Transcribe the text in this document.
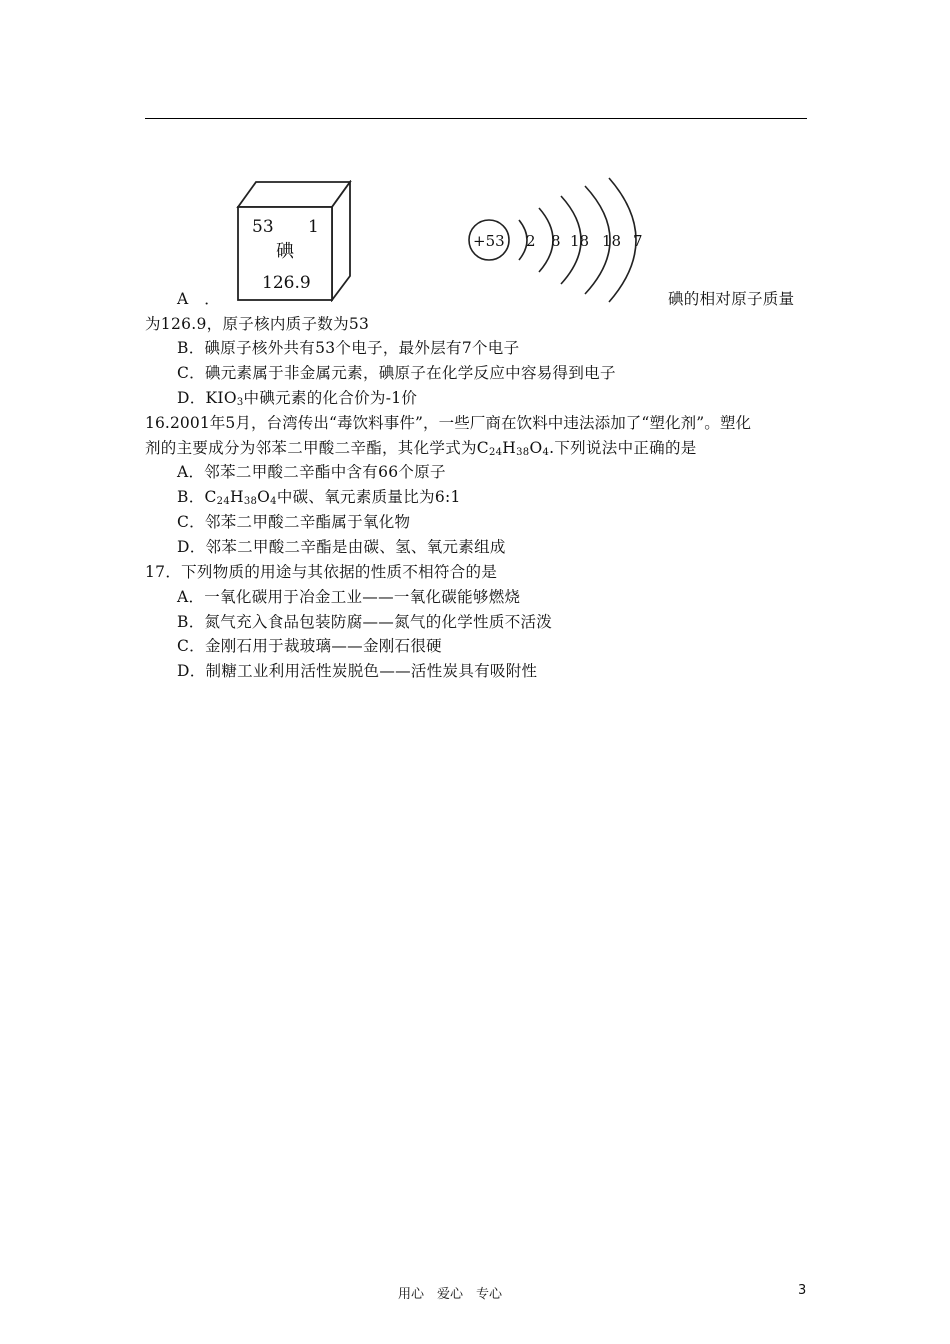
53 1
碘
126.9
+53 2 8 18 18 7
A　．	碘的相对原子质量
为126.9，原子核内质子数为53
B．碘原子核外共有53个电子，最外层有7个电子
C．碘元素属于非金属元素，碘原子在化学反应中容易得到电子
D．$KIO_3$中碘元素的化合价为-1价
16.2001年5月，台湾传出“毒饮料事件”，一些厂商在饮料中违法添加了“塑化剂”。塑化
剂的主要成分为邻苯二甲酸二辛酯，其化学式为$C_{24}H_{38}O_4$.下列说法中正确的是
A．邻苯二甲酸二辛酯中含有66个原子
B．$C_{24}H_{38}O_4$中碳、氧元素质量比为6:1
C．邻苯二甲酸二辛酯属于氧化物
D．邻苯二甲酸二辛酯是由碳、氢、氧元素组成
17．下列物质的用途与其依据的性质不相符合的是
A．一氧化碳用于冶金工业——一氧化碳能够燃烧
B．氮气充入食品包装防腐——氮气的化学性质不活泼
C．金刚石用于裁玻璃——金刚石很硬
D．制糖工业利用活性炭脱色——活性炭具有吸附性
用心　爱心　专心	3
